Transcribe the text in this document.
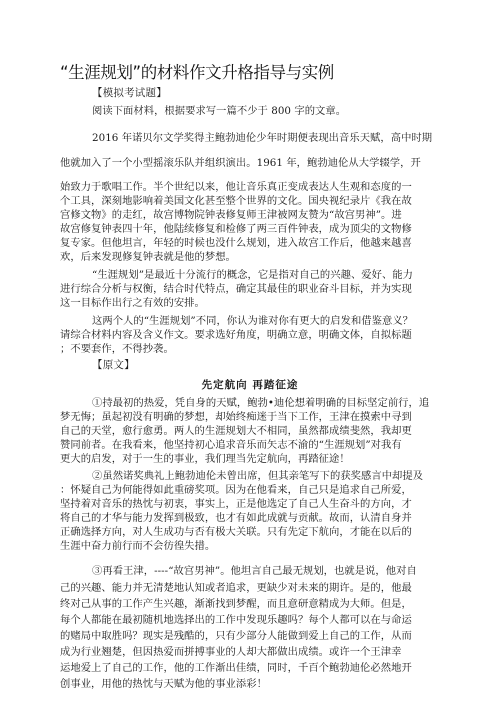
“生涯规划”的材料作文升格指导与实例
【模拟考试题】
阅读下面材料，根据要求写一篇不少于 800 字的文章。
2016 年诺贝尔文学奖得主鲍勃迪伦少年时期便表现出音乐天赋，高中时期
他就加入了一个小型摇滚乐队并组织演出。1961 年，鲍勃迪伦从大学辍学，开
始致力于歌唱工作。半个世纪以来，他让音乐真正变成表达人生观和态度的一
个工具，深刻地影响着美国文化甚至整个世界的文化。国央视纪录片《我在故
宫修文物》的走红，故宫博物院钟表修复师王津被网友赞为“故宫男神”。进
故宫修复钟表四十年，他陆续修复和检修了两三百件钟表，成为顶尖的文物修
复专家。但他坦言，年轻的时候也没什么规划，进入故宫工作后，他越来越喜
欢，后来发现修复钟表就是他的梦想。
“生涯规划”是最近十分流行的概念，它是指对自己的兴趣、爱好、能力
进行综合分析与权衡，结合时代特点，确定其最佳的职业奋斗目标，并为实现
这一目标作出行之有效的安排。
这两个人的“生涯规划”不同，你认为谁对你有更大的启发和借鉴意义？
请综合材料内容及含义作文。要求选好角度，明确立意，明确文体，自拟标题
；不要套作，不得抄袭。
【原文】
先定航向 再踏征途
①持最初的热爱，凭自身的天赋，鲍勃•迪伦想着明确的目标坚定前行，追
梦无悔；虽起初没有明确的梦想，却始终痴迷于当下工作，王津在摸索中寻到
自己的天堂，愈行愈勇。两人的生涯规划大不相同，虽然都成绩斐然，我却更
赞同前者。在我看来，他坚持初心追求音乐而矢志不渝的“生涯规划”对我有
更大的启发，对于一生的事业，我们理当先定航向，再踏征途！
②虽然诺奖典礼上鲍勃迪伦未曾出席，但其亲笔写下的获奖感言中却提及
：怀疑自己为何能得如此重磅奖项。因为在他看来，自己只是追求自己所爱，
坚持着对音乐的热忱与初衷，事实上，正是他选定了自己人生奋斗的方向，才
将自己的才华与能力发挥到极致，也才有如此成就与贡献。故而，认清自身并
正确选择方向，对人生成功与否有极大关联。只有先定下航向，才能在以后的
生涯中奋力前行而不会彷徨失措。
③再看王津，----“故宫男神”。他坦言自己最无规划，也就是说，他对自
己的兴趣、能力并无清楚地认知或者追求，更缺少对未来的期许。是的，他最
终对己从事的工作产生兴趣，渐渐找到梦醒，而且意研意精成为大师。但是，
每个人都能在最初随机地选择出的工作中发现乐趣吗？每个人都可以在与命运
的赌局中取胜吗？现实是残酷的，只有少部分人能做到爱上自己的工作，从而
成为行业翘楚，但因热爱而拼搏事业的人却大都做出成绩。或许一个王津幸
运地爱上了自己的工作，他的工作渐出佳绩，同时，千百个鲍勃迪伦必然地开
创事业，用他的热忱与天赋为他的事业添彩！
